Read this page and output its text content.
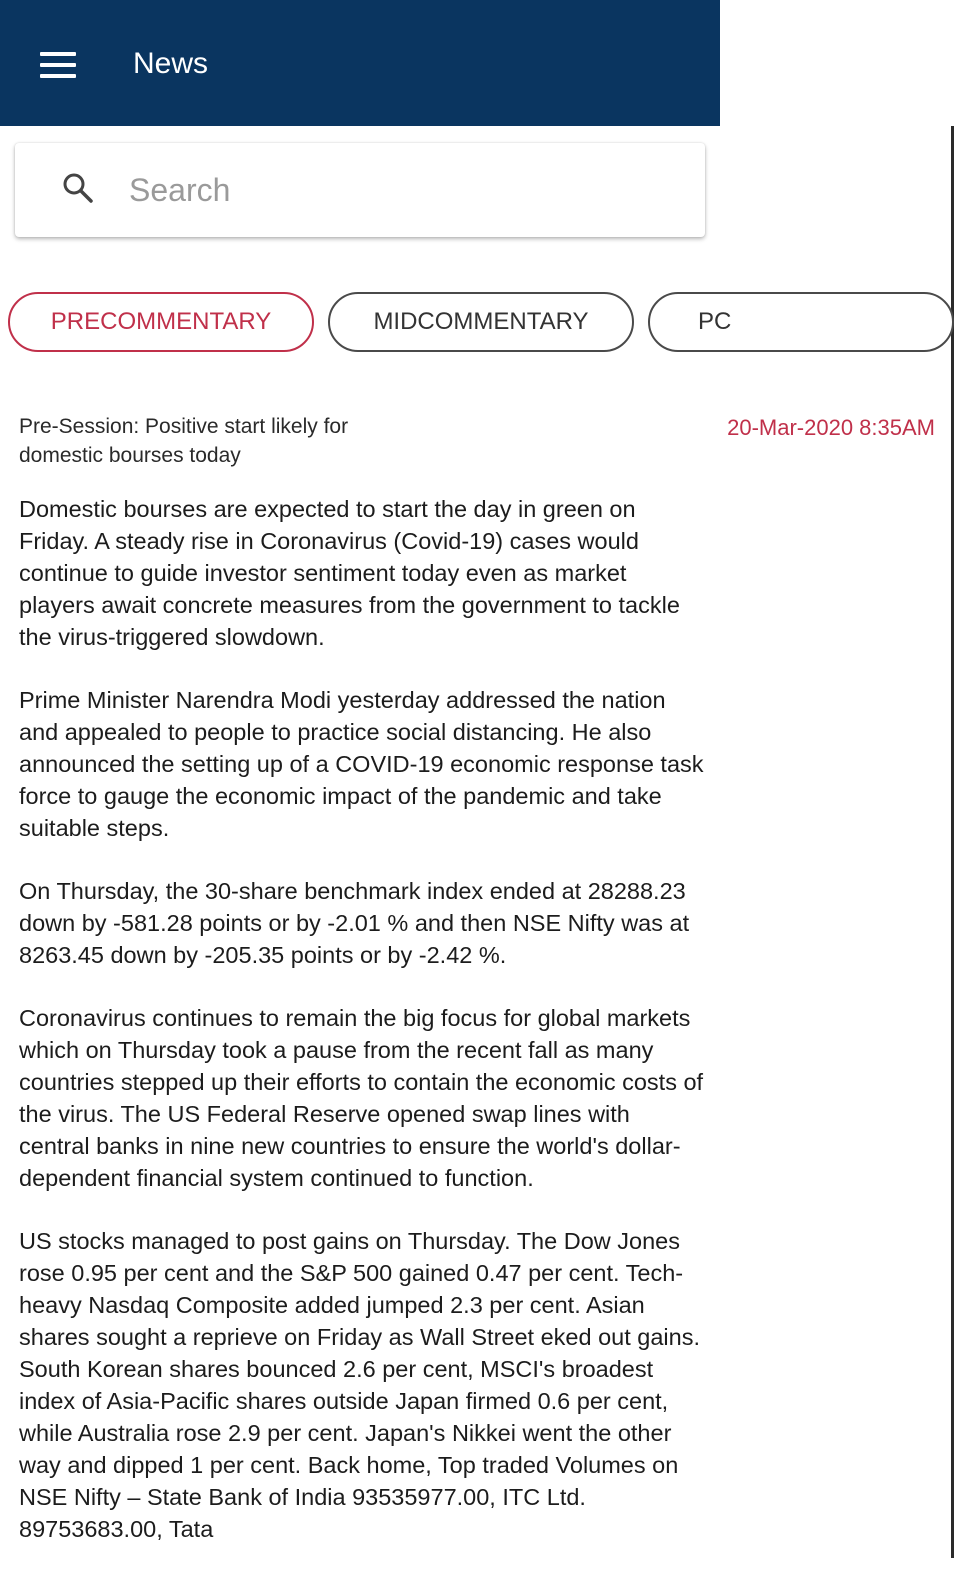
News
Search
PRECOMMENTARY	MIDCOMMENTARY	PC
Pre-Session: Positive start likely for domestic bourses today
20-Mar-2020 8:35AM

Domestic bourses are expected to start the day in green on Friday. A steady rise in Coronavirus (Covid-19) cases would continue to guide investor sentiment today even as market players await concrete measures from the government to tackle the virus-triggered slowdown.

Prime Minister Narendra Modi yesterday addressed the nation and appealed to people to practice social distancing. He also announced the setting up of a COVID-19 economic response task force to gauge the economic impact of the pandemic and take suitable steps.

On Thursday, the 30-share benchmark index ended at 28288.23 down by -581.28 points or by -2.01 % and then NSE Nifty was at 8263.45 down by -205.35 points or by -2.42 %.

Coronavirus continues to remain the big focus for global markets which on Thursday took a pause from the recent fall as many countries stepped up their efforts to contain the economic costs of the virus. The US Federal Reserve opened swap lines with central banks in nine new countries to ensure the world's dollar-dependent financial system continued to function.

US stocks managed to post gains on Thursday. The Dow Jones rose 0.95 per cent and the S&P 500 gained 0.47 per cent. Tech-heavy Nasdaq Composite added jumped 2.3 per cent. Asian shares sought a reprieve on Friday as Wall Street eked out gains. South Korean shares bounced 2.6 per cent, MSCI's broadest index of Asia-Pacific shares outside Japan firmed 0.6 per cent, while Australia rose 2.9 per cent. Japan's Nikkei went the other way and dipped 1 per cent. Back home, Top traded Volumes on NSE Nifty – State Bank of India 93535977.00, ITC Ltd. 89753683.00, Tata
